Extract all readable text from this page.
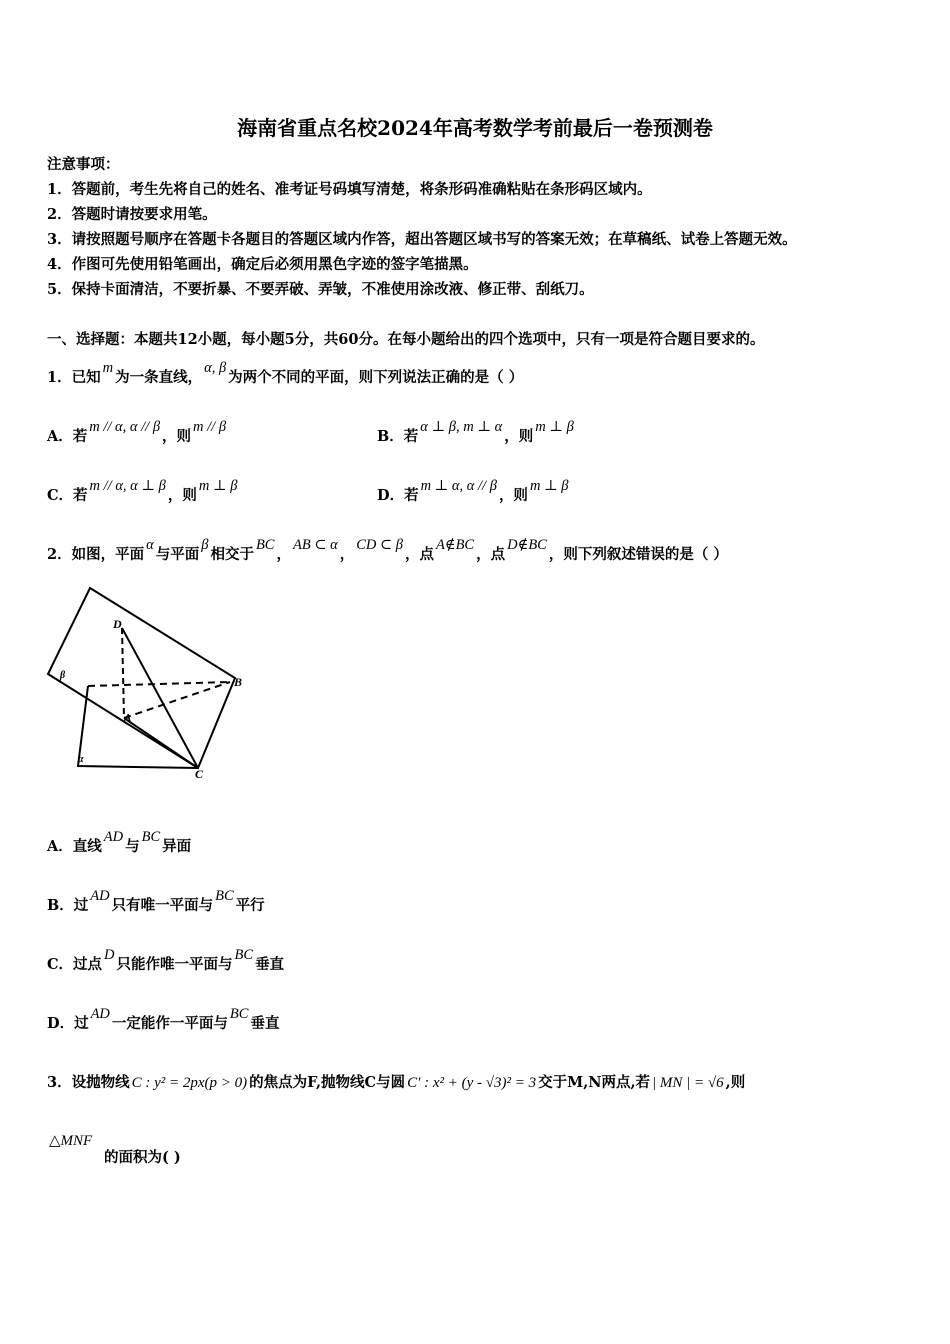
海南省重点名校2024年高考数学考前最后一卷预测卷
注意事项：
1．答题前，考生先将自己的姓名、准考证号码填写清楚，将条形码准确粘贴在条形码区域内。
2．答题时请按要求用笔。
3．请按照题号顺序在答题卡各题目的答题区域内作答，超出答题区域书写的答案无效；在草稿纸、试卷上答题无效。
4．作图可先使用铅笔画出，确定后必须用黑色字迹的签字笔描黑。
5．保持卡面清洁，不要折暴、不要弄破、弄皱，不准使用涂改液、修正带、刮纸刀。
一、选择题：本题共12小题，每小题5分，共60分。在每小题给出的四个选项中，只有一项是符合题目要求的。
1．已知m为一条直线，α, β为两个不同的平面，则下列说法正确的是（ ）
A．若m // α, α // β，则m // β
B．若α ⊥ β, m ⊥ α，则m ⊥ β
C．若m // α, α ⊥ β，则m ⊥ β
D．若m ⊥ α, α // β，则m ⊥ β
2．如图，平面α与平面β相交于BC，AB ⊂ α，CD ⊂ β，点A∉BC，点D∉BC，则下列叙述错误的是（ ）
D
B
A
C
α
β
A．直线AD与BC异面
B．过AD只有唯一平面与BC平行
C．过点D只能作唯一平面与BC垂直
D．过AD一定能作一平面与BC垂直
3．设抛物线 C : y² = 2px(p > 0) 的焦点为F,抛物线C与圆 C′ : x² + (y - √3)² = 3 交于M,N两点,若 | MN | = √6 ,则
△MNF
的面积为( )
